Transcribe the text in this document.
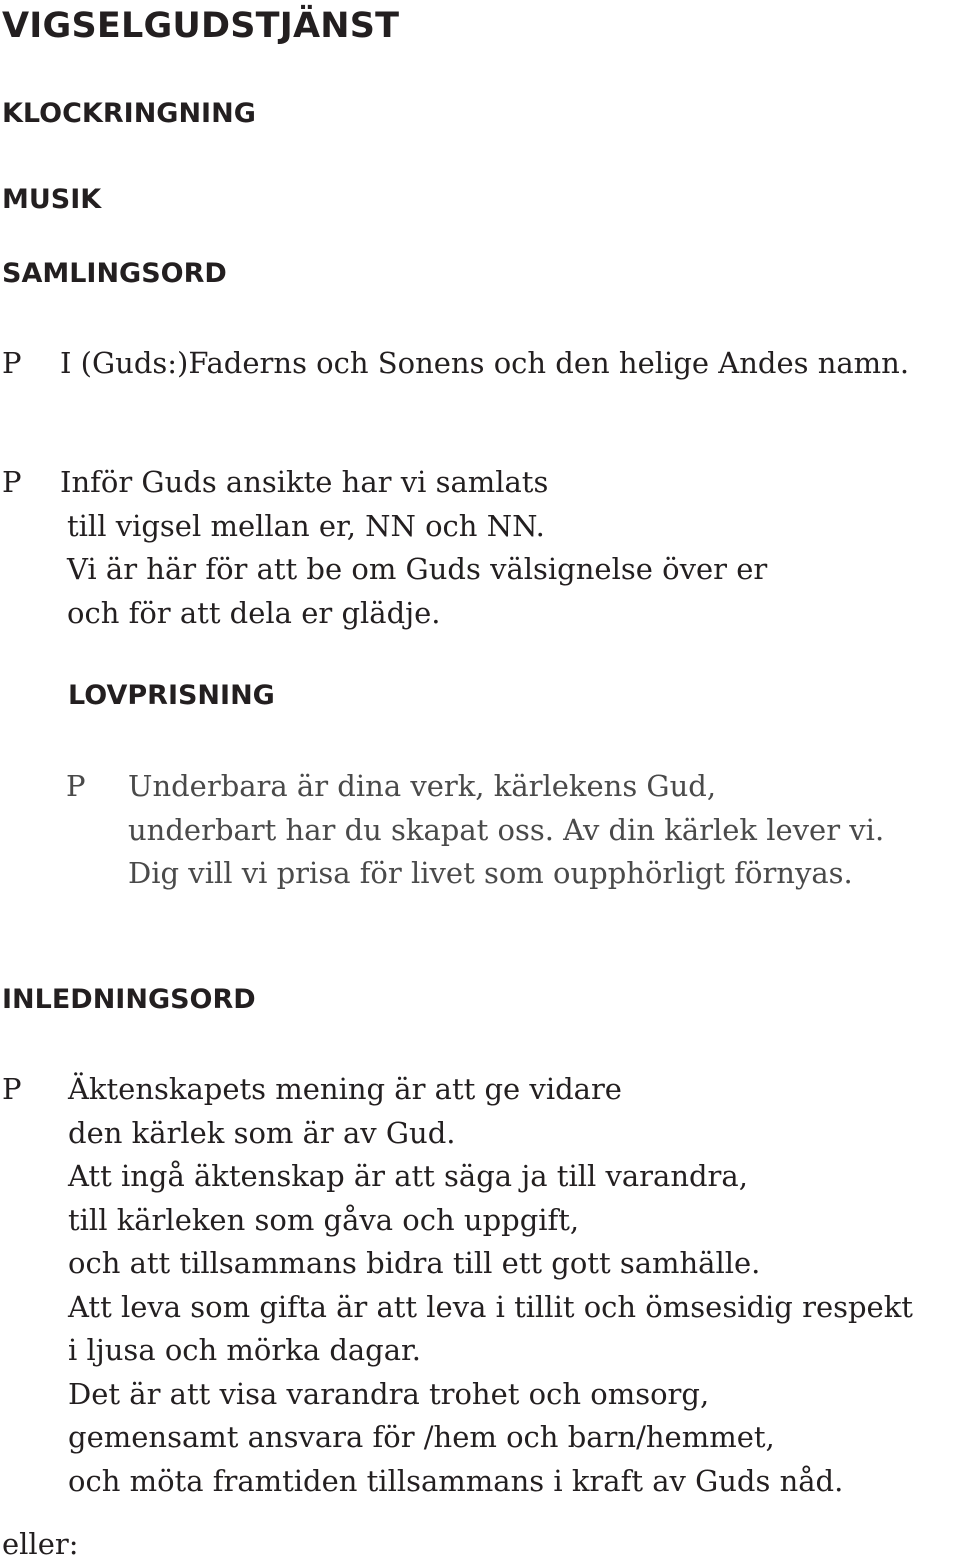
VIGSELGUDSTJÄNST
KLOCKRINGNING
MUSIK
SAMLINGSORD
P I (Guds:)Faderns och Sonens och den helige Andes namn.
P Inför Guds ansikte har vi samlats
till vigsel mellan er, NN och NN.
Vi är här för att be om Guds välsignelse över er
och för att dela er glädje.
LOVPRISNING
P Underbara är dina verk, kärlekens Gud,
underbart har du skapat oss. Av din kärlek lever vi.
Dig vill vi prisa för livet som oupphörligt förnyas.
INLEDNINGSORD
P Äktenskapets mening är att ge vidare
den kärlek som är av Gud.
Att ingå äktenskap är att säga ja till varandra,
till kärleken som gåva och uppgift,
och att tillsammans bidra till ett gott samhälle.
Att leva som gifta är att leva i tillit och ömsesidig respekt
i ljusa och mörka dagar.
Det är att visa varandra trohet och omsorg,
gemensamt ansvara för /hem och barn/hemmet,
och möta framtiden tillsammans i kraft av Guds nåd.
eller:
